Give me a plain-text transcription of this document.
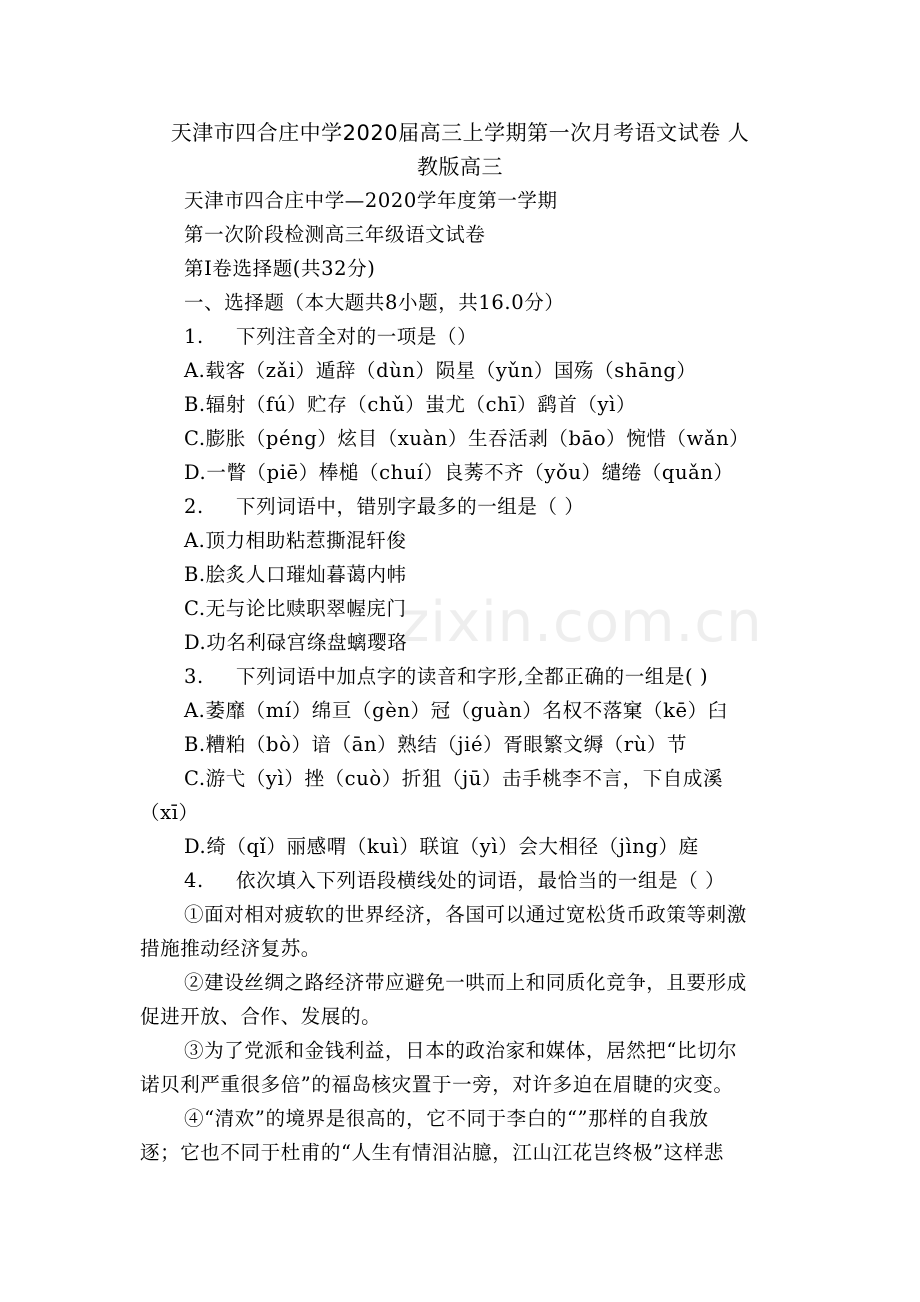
天津市四合庄中学2020届高三上学期第一次月考语文试卷 人
教版高三
zixin.com.cn
天津市四合庄中学—2020学年度第一学期
第一次阶段检测高三年级语文试卷
第Ⅰ卷选择题(共32分)
一、选择题（本大题共8小题，共16.0分）
1. 下列注音全对的一项是（）
A.载客（zǎi）遁辞（dùn）陨星（yǔn）国殇（shāng）
B.辐射（fú）贮存（chǔ）蚩尤（chī）鹞首（yì）
C.膨胀（péng）炫目（xuàn）生吞活剥（bāo）惋惜（wǎn）
D.一瞥（piē）棒槌（chuí）良莠不齐（yǒu）缱绻（quǎn）
2. 下列词语中，错别字最多的一组是（ ）
A.顶力相助粘惹撕混轩俊
B.脍炙人口璀灿暮蔼内帏
C.无与论比赎职翠幄庑门
D.功名利碌宫绦盘螭璎珞
3. 下列词语中加点字的读音和字形,全都正确的一组是( )
A.萎靡（mí）绵亘（gèn）冠（guàn）名权不落窠（kē）臼
B.糟粕（bò）谙（ān）熟结（jié）胥眼繁文缛（rù）节
C.游弋（yì）挫（cuò）折狙（jū）击手桃李不言，下自成溪
（xī）
D.绮（qǐ）丽感喟（kuì）联谊（yì）会大相径（jìng）庭
4. 依次填入下列语段横线处的词语，最恰当的一组是（ ）
①面对相对疲软的世界经济，各国可以通过宽松货币政策等刺激
措施推动经济复苏。
②建设丝绸之路经济带应避免一哄而上和同质化竞争，且要形成
促进开放、合作、发展的。
③为了党派和金钱利益，日本的政治家和媒体，居然把“比切尔
诺贝利严重很多倍”的福岛核灾置于一旁，对许多迫在眉睫的灾变。
④“清欢”的境界是很高的，它不同于李白的“”那样的自我放
逐；它也不同于杜甫的“人生有情泪沾臆，江山江花岂终极”这样悲
